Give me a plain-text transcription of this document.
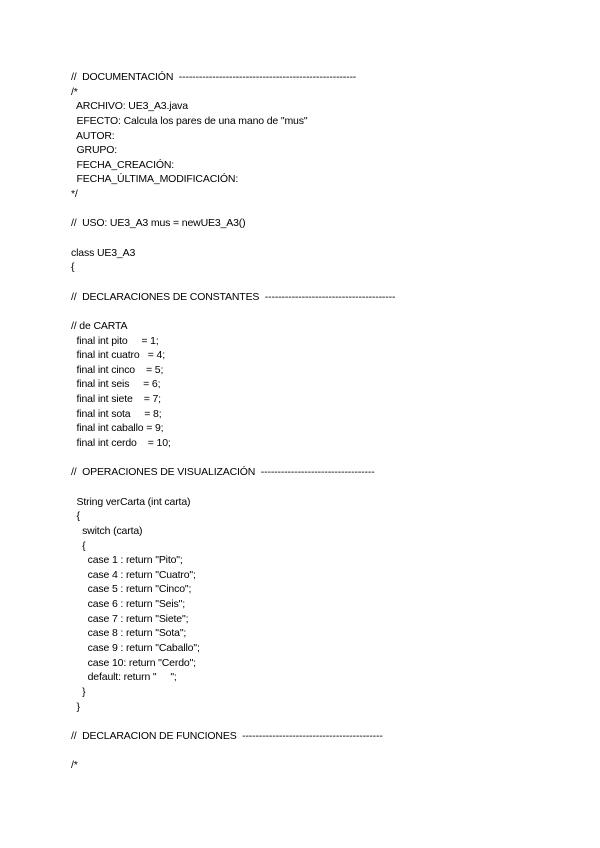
//  DOCUMENTACIÓN  -----------------------------------------------------
/*
ARCHIVO: UE3_A3.java
EFECTO: Calcula los pares de una mano de "mus"
AUTOR:
GRUPO:
FECHA_CREACIÓN:
FECHA_ÚLTIMA_MODIFICACIÓN:
*/
//  USO: UE3_A3 mus = newUE3_A3()
class UE3_A3
{
//  DECLARACIONES DE CONSTANTES  ---------------------------------------
// de CARTA
final int pito     = 1;
final int cuatro   = 4;
final int cinco    = 5;
final int seis     = 6;
final int siete    = 7;
final int sota     = 8;
final int caballo = 9;
final int cerdo    = 10;
//  OPERACIONES DE VISUALIZACIÓN  ----------------------------------
String verCarta (int carta)
{
switch (carta)
{
case 1 : return "Pito";
case 4 : return "Cuatro";
case 5 : return "Cinco";
case 6 : return "Seis";
case 7 : return "Siete";
case 8 : return "Sota";
case 9 : return "Caballo";
case 10: return "Cerdo";
default: return "     ";
}
}
//  DECLARACION DE FUNCIONES  ------------------------------------------
/*
